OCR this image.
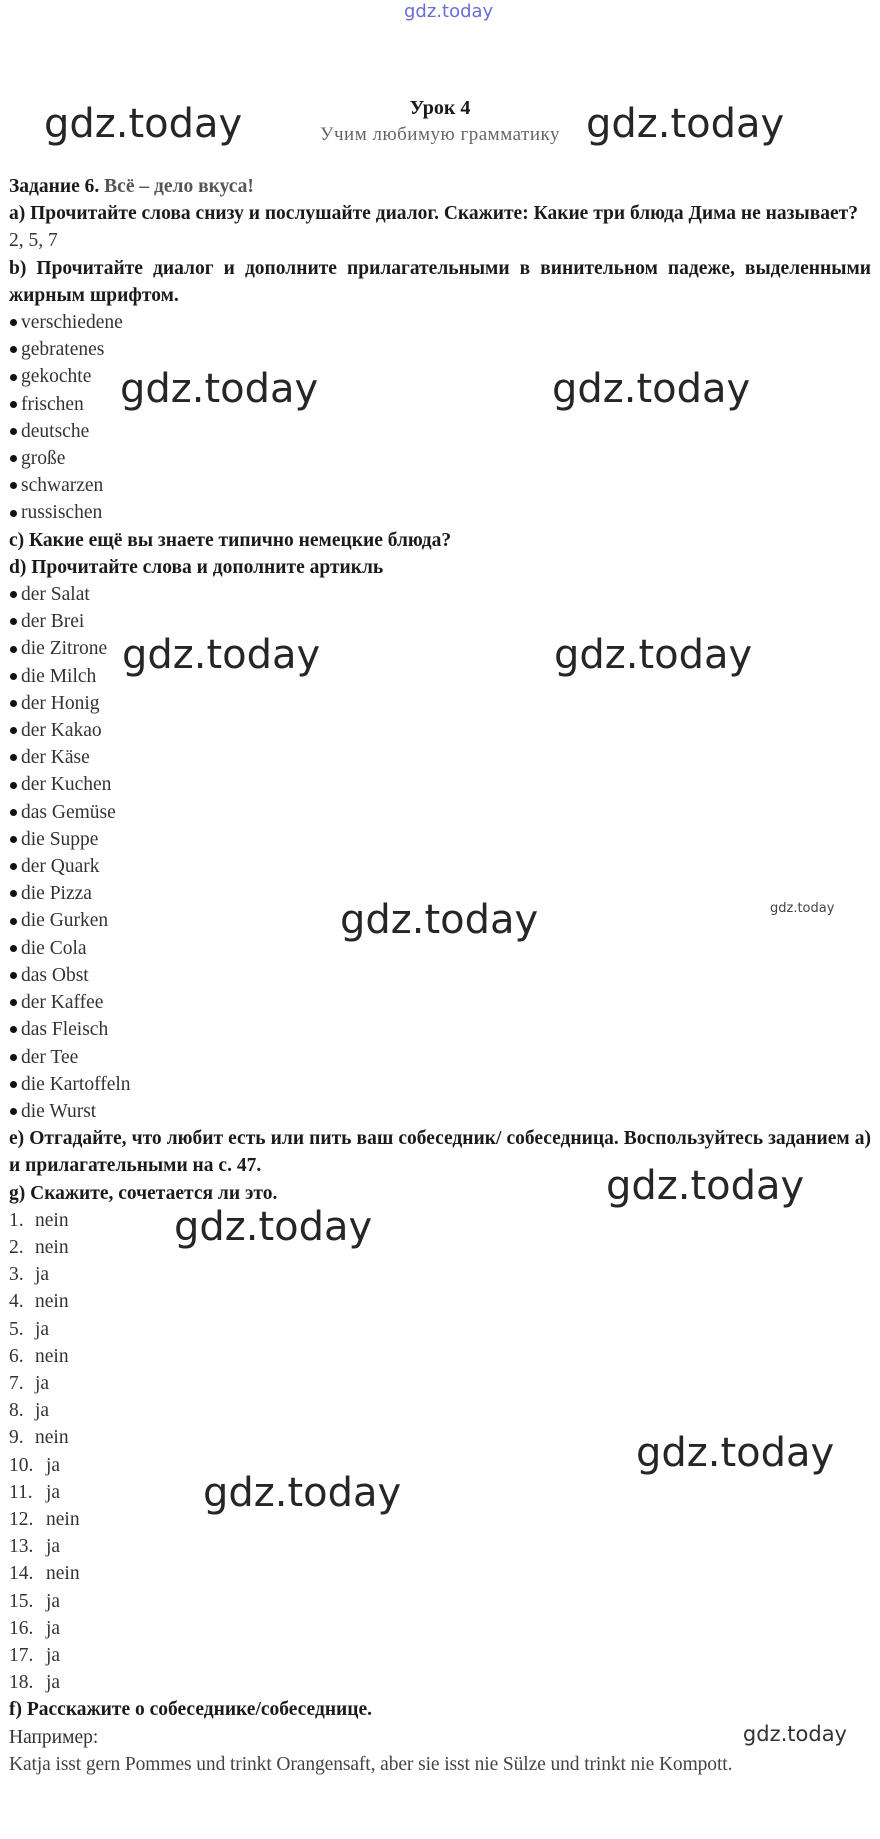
gdz.today
gdz.today	gdz.today
gdz.today	gdz.today
gdz.today	gdz.today
gdz.today	gdz.today
gdz.today
gdz.today
gdz.today
gdz.today
Урок 4
Учим любимую грамматику
Задание 6. Всё – дело вкуса!
a) Прочитайте слова снизу и послушайте диалог. Скажите: Какие три блюда Дима не называет?
2, 5, 7
b) Прочитайте диалог и дополните прилагательными в винительном падеже, выделенными жирным шрифтом.
verschiedene
gebratenes
gekochte
frischen
deutsche
große
schwarzen
russischen
c) Какие ещё вы знаете типично немецкие блюда?
d) Прочитайте слова и дополните артикль
der Salat
der Brei
die Zitrone
die Milch
der Honig
der Kakao
der Käse
der Kuchen
das Gemüse
die Suppe
der Quark
die Pizza
die Gurken
die Cola
das Obst
der Kaffee
das Fleisch
der Tee
die Kartoffeln
die Wurst
e) Отгадайте, что любит есть или пить ваш собеседник/ собеседница. Воспользуйтесь заданием а) и прилагательными на с. 47.
g) Скажите, сочетается ли это.
1. nein
2. nein
3. ja
4. nein
5. ja
6. nein
7. ja
8. ja
9. nein
10. ja
11. ja
12. nein
13. ja
14. nein
15. ja
16. ja
17. ja
18. ja
f) Расскажите о собеседнике/собеседнице.
Например:	gdz.today
Katja isst gern Pommes und trinkt Orangensaft, aber sie isst nie Sülze und trinkt nie Kompott.
